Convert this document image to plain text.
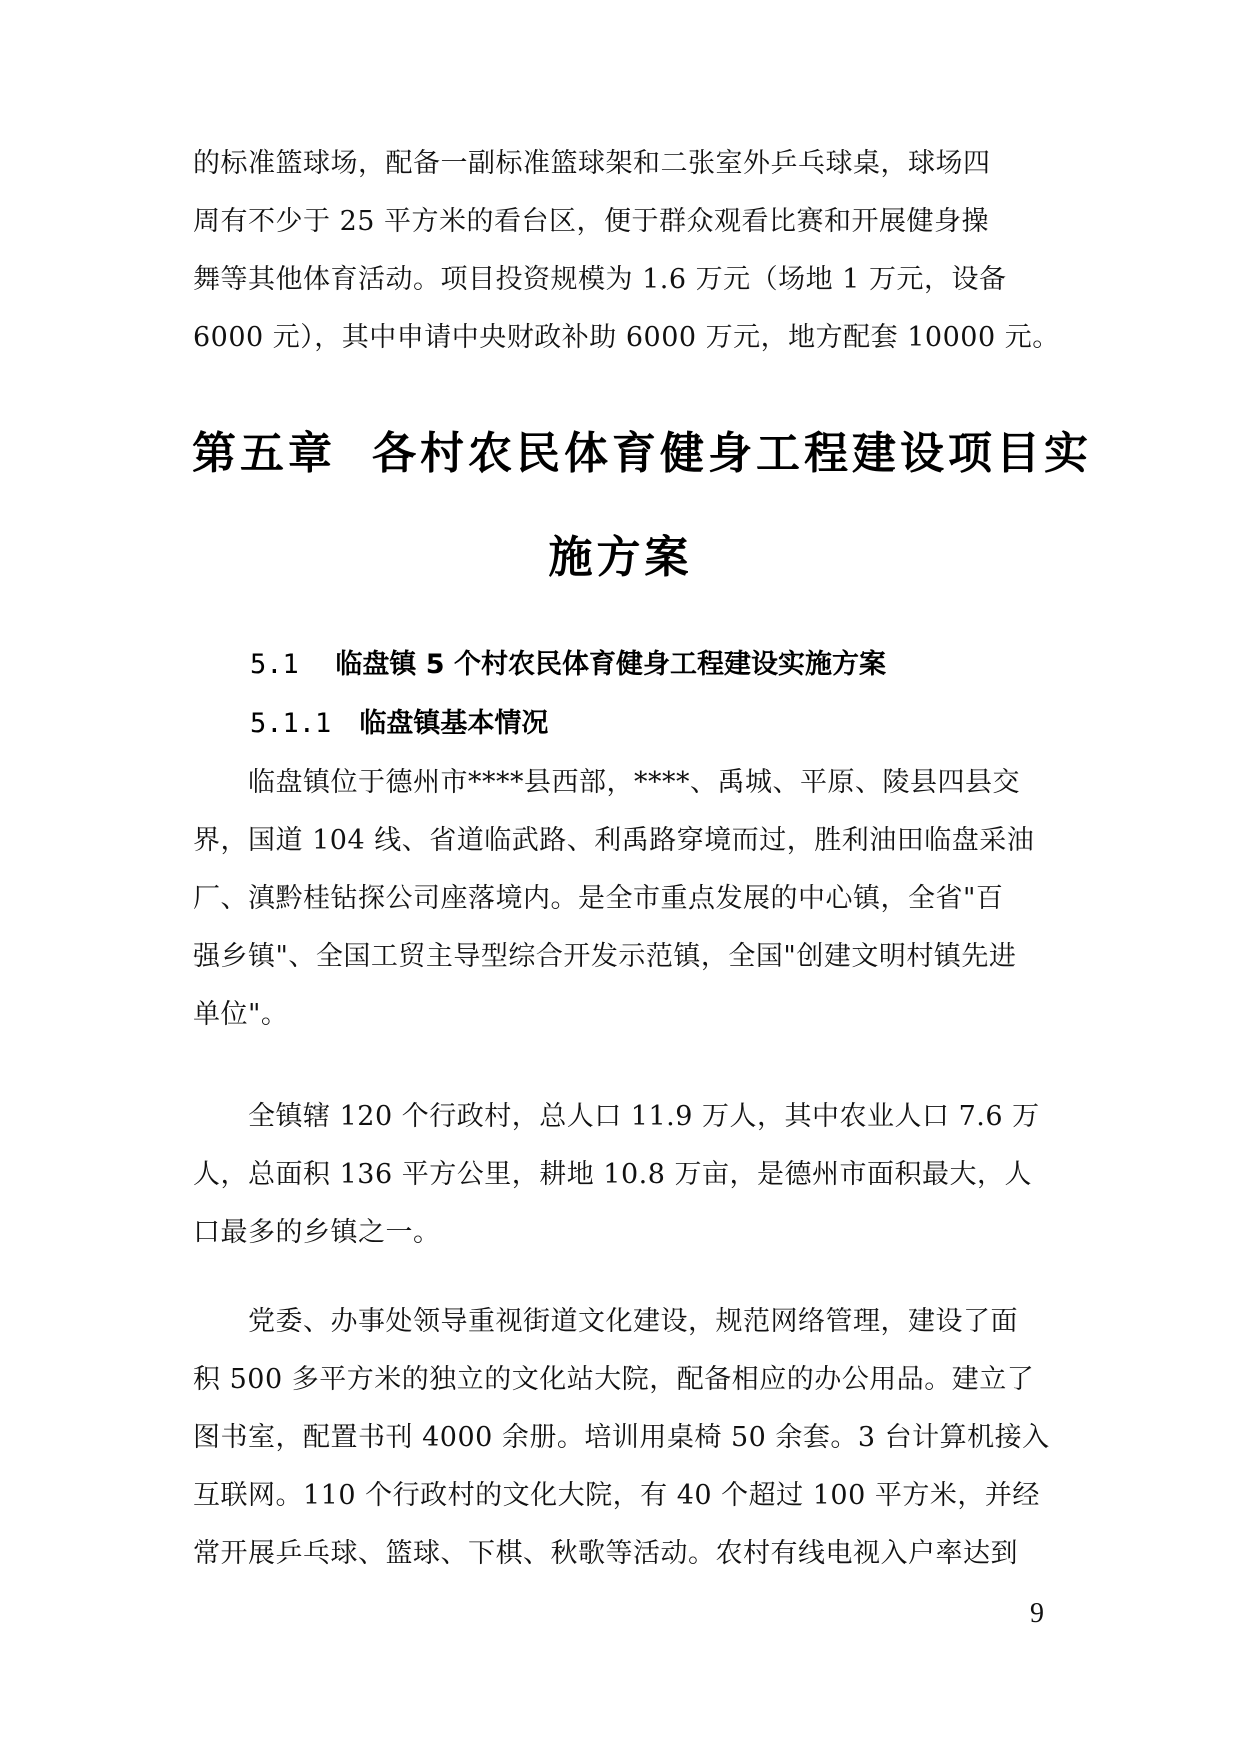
的标准篮球场，配备一副标准篮球架和二张室外乒乓球桌，球场四
周有不少于 25 平方米的看台区，便于群众观看比赛和开展健身操
舞等其他体育活动。项目投资规模为 1.6 万元（场地 1 万元，设备
6000 元），其中申请中央财政补助 6000 万元，地方配套 10000 元。
第五章 各村农民体育健身工程建设项目实
施方案
5.1 临盘镇 5 个村农民体育健身工程建设实施方案
5.1.1 临盘镇基本情况
临盘镇位于德州市****县西部，****、禹城、平原、陵县四县交
界，国道 104 线、省道临武路、利禹路穿境而过，胜利油田临盘采油
厂、滇黔桂钻探公司座落境内。是全市重点发展的中心镇，全省"百
强乡镇"、全国工贸主导型综合开发示范镇，全国"创建文明村镇先进
单位"。
全镇辖 120 个行政村，总人口 11.9 万人，其中农业人口 7.6 万
人，总面积 136 平方公里，耕地 10.8 万亩，是德州市面积最大，人
口最多的乡镇之一。
党委、办事处领导重视街道文化建设，规范网络管理，建设了面
积 500 多平方米的独立的文化站大院，配备相应的办公用品。建立了
图书室，配置书刊 4000 余册。培训用桌椅 50 余套。3 台计算机接入
互联网。110 个行政村的文化大院，有 40 个超过 100 平方米，并经
常开展乒乓球、篮球、下棋、秋歌等活动。农村有线电视入户率达到
9
